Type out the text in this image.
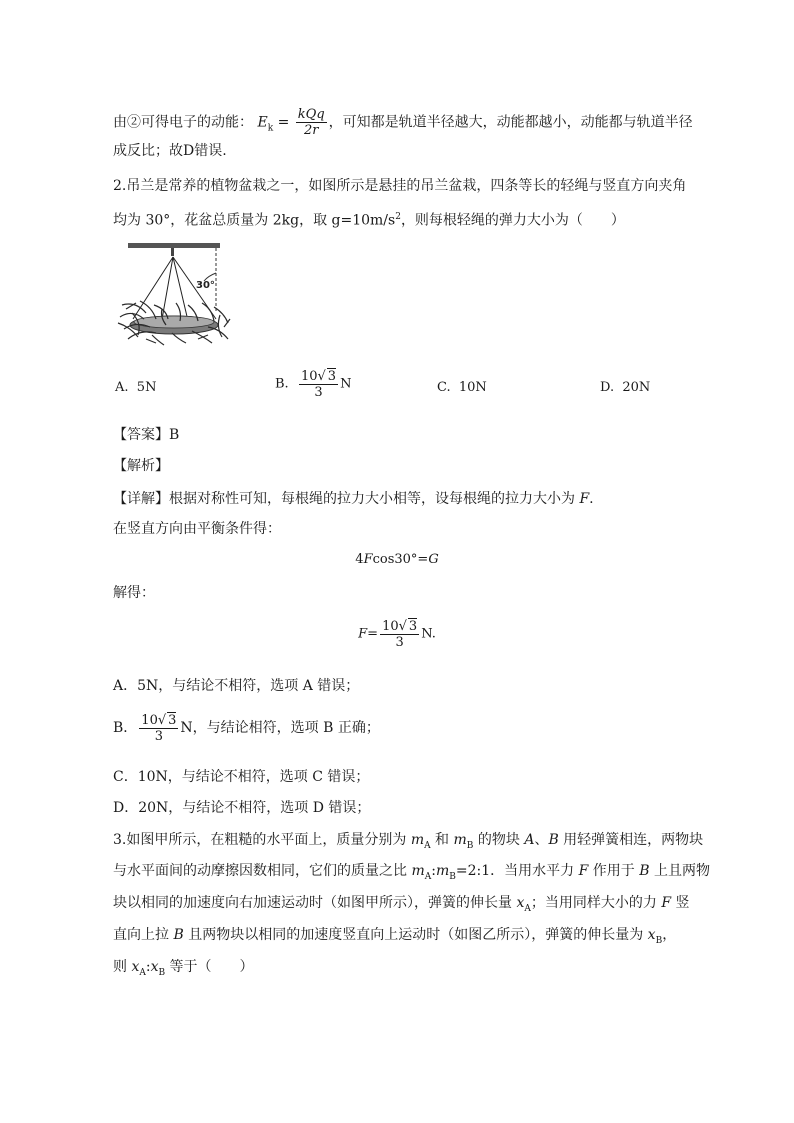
由②可得电子的动能： $E_k = \frac{\text{kQq}}{2r}$ ，可知都是轨道半径越大，动能都越小，动能都与轨道半径
成反比；故D错误.
2.吊兰是常养的植物盆栽之一，如图所示是悬挂的吊兰盆栽，四条等长的轻绳与竖直方向夹角
均为 30°，花盆总质量为 2kg，取 $g=10m/s^2$，则每根轻绳的弹力大小为（　　）
30°
A. 5N	B. $\frac{10√ 3}{3}$ N	C. 10N	D. 20N
【答案】B
【解析】
【详解】根据对称性可知，每根绳的拉力大小相等，设每根绳的拉力大小为 F.
在竖直方向由平衡条件得：
4Fcos30°=G
解得：
$F= \frac{10√ 3}{3} N$.
A．5N，与结论不相符，选项 A 错误；
B． $\frac{10√ 3}{3}$ N，与结论相符，选项 B 正确；
C．10N，与结论不相符，选项 C 错误；
D．20N，与结论不相符，选项 D 错误；
3.如图甲所示，在粗糙的水平面上，质量分别为 $m_A$ 和 $m_B$ 的物块 A、B 用轻弹簧相连，两物块
与水平面间的动摩擦因数相同，它们的质量之比 $m_A:m_B=2:1$．当用水平力 F 作用于 B 上且两物
块以相同的加速度向右加速运动时（如图甲所示），弹簧的伸长量 $x_A$；当用同样大小的力 F 竖
直向上拉 B 且两物块以相同的加速度竖直向上运动时（如图乙所示），弹簧的伸长量为 $x_B$，
则 $x_A:x_B$ 等于（　　）
